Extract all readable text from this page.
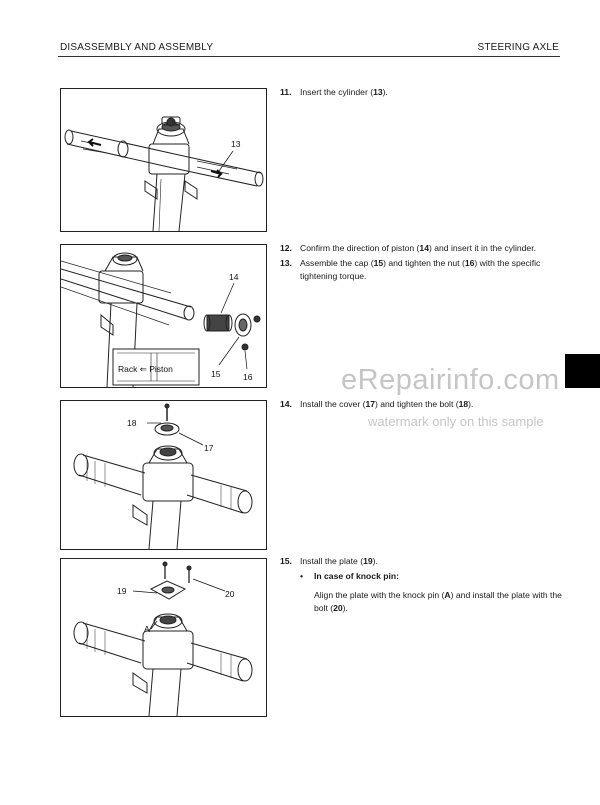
DISASSEMBLY AND ASSEMBLY	STEERING AXLE
13
14
15	16
Rack ⇐ Piston
18
17
19	20
A
11. Insert the cylinder (13).
12. Confirm the direction of piston (14) and insert it in the cylinder.
13. Assemble the cap (15) and tighten the nut (16) with the specific tightening torque.
14. Install the cover (17) and tighten the bolt (18).
15. Install the plate (19).
• In case of knock pin:
Align the plate with the knock pin (A) and install the plate with the bolt (20).
eRepairinfo.com
watermark only on this sample
